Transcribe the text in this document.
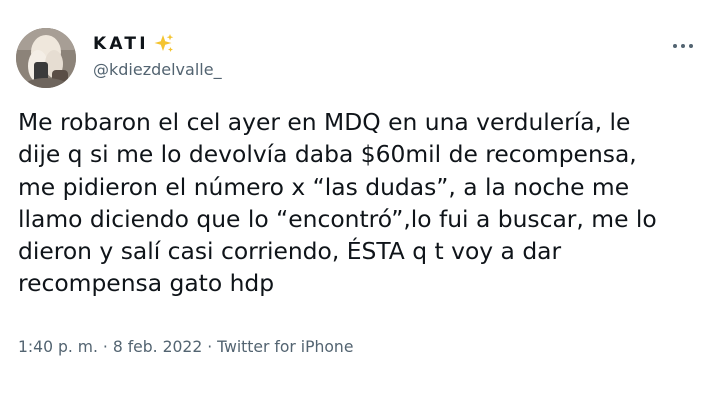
KATI
@kdiezdelvalle_
Me robaron el cel ayer en MDQ en una verdulería, le
dije q si me lo devolvía daba $60mil de recompensa,
me pidieron el número x “las dudas”, a la noche me
llamo diciendo que lo “encontró”,lo fui a buscar, me lo
dieron y salí casi corriendo, ÉSTA q t voy a dar
recompensa gato hdp
1:40 p. m. · 8 feb. 2022 · Twitter for iPhone
